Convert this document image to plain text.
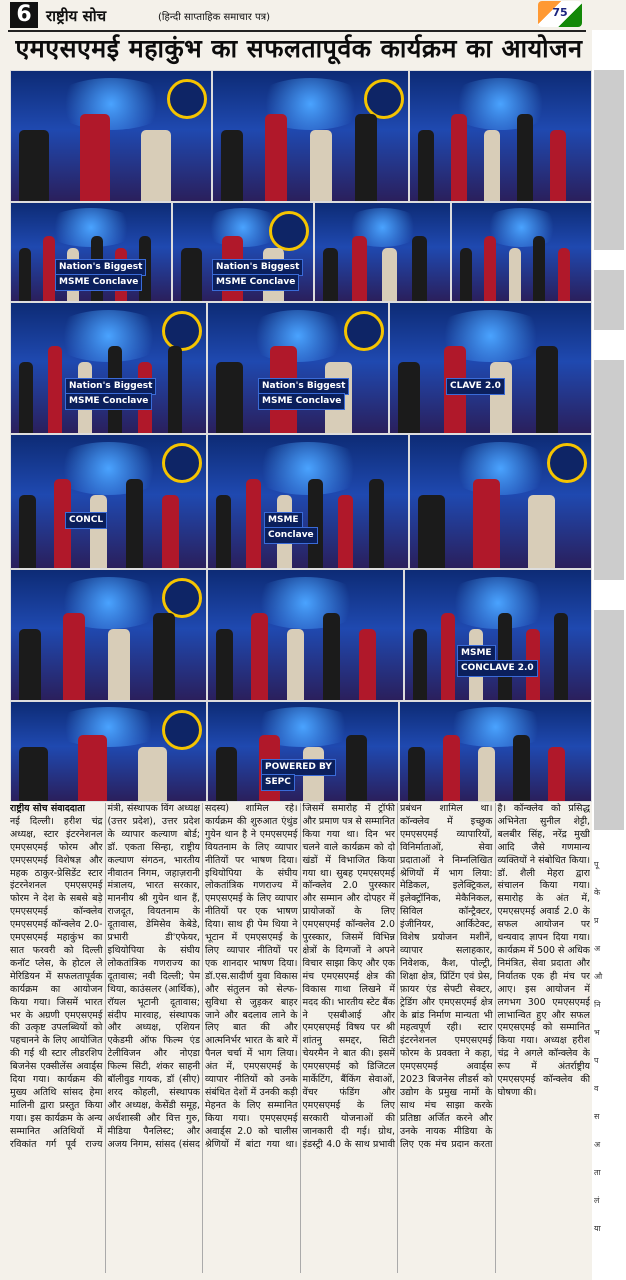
6 राष्ट्रीय सोच	(हिन्दी साप्ताहिक समाचार पत्र)	75
एमएसएमई महाकुंभ का सफलतापूर्वक कार्यक्रम का आयोजन
Nation's Biggest
MSME Conclave
Nation's Biggest
MSME Conclave
Nation's Biggest
MSME Conclave
Nation's Biggest
MSME Conclave
CLAVE 2.0
CONCL	MSME
Conclave
MSME
CONCLAVE 2.0
POWERED BY
SEPC
राष्ट्रीय सोच संवाददाता

नई दिल्ली। हरीश चंद्र अध्यक्ष, स्टार इंटरनेशनल एमएसएमई फोरम और एमएसएमई विशेषज्ञ और महक ठाकुर-प्रेसिडेंट स्टार इंटरनेशनल एमएसएमई फोरम ने देश के सबसे बड़े एमएसएमई कॉन्क्लेव एमएसएमई कॉन्क्लेव 2.0-एमएसएमई महाकुंभ का सात फरवरी को दिल्ली कनॉट प्लेस, के होटल ले मेरिडियन में सफलतापूर्वक कार्यक्रम का आयोजन किया गया। जिसमें भारत भर के अग्रणी एमएसएमई की उत्कृष्ट उपलब्धियों को पहचानने के लिए आयोजित की गई थी स्टार लीडरशिप बिजनेस एक्सीलेंस अवार्ड्स दिया गया। कार्यक्रम की मुख्य अतिथि सांसद हेमा मालिनी द्वारा प्रस्तुत किया गया। इस कार्यक्रम के अन्य सम्मानित अतिथियों में रविकांत गर्ग पूर्व राज्य मंत्री, संस्थापक विंग अध्यक्ष (उत्तर प्रदेश), उत्तर प्रदेश के व्यापार कल्याण बोर्ड; डॉ. एकता सिन्हा, राष्ट्रीय कल्याण संगठन, भारतीय नीवातन निगम, जहाज़रानी मंत्रालय, भारत सरकार, माननीय श्री गुयेन थान हैं, राजदूत, वियतनाम के दूतावास, डेमिसेव केबेडे, प्रभारी डी'एफेयर, इथियोपिया के संघीय लोकतांत्रिक गणराज्य का दूतावास; नवी दिल्ली; पेम थिया, काउंसलर (आर्थिक), रॉयल भूटानी दूतावास; संदीप मारवाह, संस्थापक और अध्यक्ष, एशियन एकेडमी ऑफ फिल्म एंड टेलीविजन और नोएडा फिल्म सिटी, शंकर साहनी बॉलीवुड गायक, डॉ (सीए) शरद कोहली, संस्थापक और अध्यक्ष, केसेंडी समूह, अर्थशास्त्री और वित्त गुरु, मीडिया पैनलिस्ट; और अजय निगम, सांसद (संसद सदस्य) शामिल रहे। कार्यक्रम की शुरुआत एंथुंड गुयेन थान है ने एमएसएमई वियतनाम के लिए व्यापार नीतियों पर भाषण दिया। इथियोपिया के संघीय लोकतांत्रिक गणराज्य में एमएसएमई के लिए व्यापार नीतियों पर एक भाषण दिया। साथ ही पेम थिया ने भूटान में एमएसएमई के लिए व्यापार नीतियों पर एक शानदार भाषण दिया। डॉ.एस.सादीर्ण युवा विकास और संतुलन को सेल्फ-सुविधा से जुड़कर बाहर जाने और बदलाव लाने के लिए बात की और आत्मनिर्भर भारत के बारे में पैनल चर्चा में भाग लिया। अंत में, एमएसएमई के व्यापार नीतियों को उनके संबंधित देशों में उनकी कड़ी मेहनत के लिए सम्मानित किया गया। एमएसएमई अवार्ड्स 2.0 को चालीस श्रेणियों में बांटा गया था। जिसमें समारोह में ट्रॉफी और प्रमाण पत्र से सम्मानित किया गया था। दिन भर चलने वाले कार्यक्रम को दो खंडों में विभाजित किया गया था। सुबह एमएसएमई कॉन्क्लेव 2.0 पुरस्कार और सम्मान और दोपहर में प्रायोजकों के लिए एमएसएमई कॉन्क्लेव 2.0 पुरस्कार, जिसमें विभिन्न क्षेत्रों के दिग्गजों ने अपने विचार साझा किए और एक मंच एमएसएमई क्षेत्र की विकास गाथा लिखने में मदद की। भारतीय स्टेट बैंक ने एसबीआई और एमएसएमई विषय पर श्री शांतनु समद्दर, सिटी चेयरमैन ने बात की। इसमें एमएसएमई को डिजिटल मार्केटिंग, बैंकिंग सेवाओं, वेंचर फंडिंग और एमएसएमई के लिए सरकारी योजनाओं की जानकारी दी गई। ग्रोथ, इंडस्ट्री 4.0 के साथ प्रभावी प्रबंधन शामिल था। कॉन्क्लेव में इच्छुक एमएसएमई व्यापारियों, विनिर्माताओं, सेवा प्रदाताओं ने निम्नलिखित श्रेणियों में भाग लिया: मेडिकल, इलेक्ट्रिकल, इलेक्ट्रॉनिक, मेकैनिकल, सिविल कॉन्ट्रैक्टर, इंजीनियर, आर्किटेक्ट, विशेष प्रयोजन मशीनें, व्यापार सलाहकार, निवेशक, कैश, पोल्ट्री, शिक्षा क्षेत्र, प्रिंटिंग एवं प्रेस, फ़ायर एंड सेफ्टी सेक्टर, ट्रेडिंग और एमएसएमई क्षेत्र के ब्रांड निर्माण मान्यता भी महत्वपूर्ण रही। स्टार इंटरनेशनल एमएसएमई फोरम के प्रवक्ता ने कहा, एमएसएमई अवार्ड्स 2023 बिजनेस लीडर्स को उद्योग के प्रमुख नामों के साथ मंच साझा करके प्रतिष्ठा अर्जित करने और उनके नायक मीडिया के लिए एक मंच प्रदान करता है। कॉन्क्लेव को प्रसिद्ध अभिनेता सुनील शेट्टी, बलबीर सिंह, नरेंद्र मुखी आदि जैसे गणमान्य व्यक्तियों ने संबोधित किया। डॉ. शैली मेहरा द्वारा संचालन किया गया। समारोह के अंत में, एमएसएमई अवार्ड 2.0 के सफल आयोजन पर धन्यवाद ज्ञापन दिया गया। कार्यक्रम में 500 से अधिक निमंत्रित, सेवा प्रदाता और निर्यातक एक ही मंच पर आए। इस आयोजन में लगभग 300 एमएसएमई लाभान्वित हुए और सफल एमएसएमई को सम्मानित किया गया। अध्यक्ष हरीश चंद्र ने अगले कॉन्क्लेव के रूप में अंतर्राष्ट्रीय एमएसएमई कॉन्क्लेव की घोषणा की।

पू
के
प्र
अ
औ
नि
भ
प
व
स
अ
ता
लं
या
